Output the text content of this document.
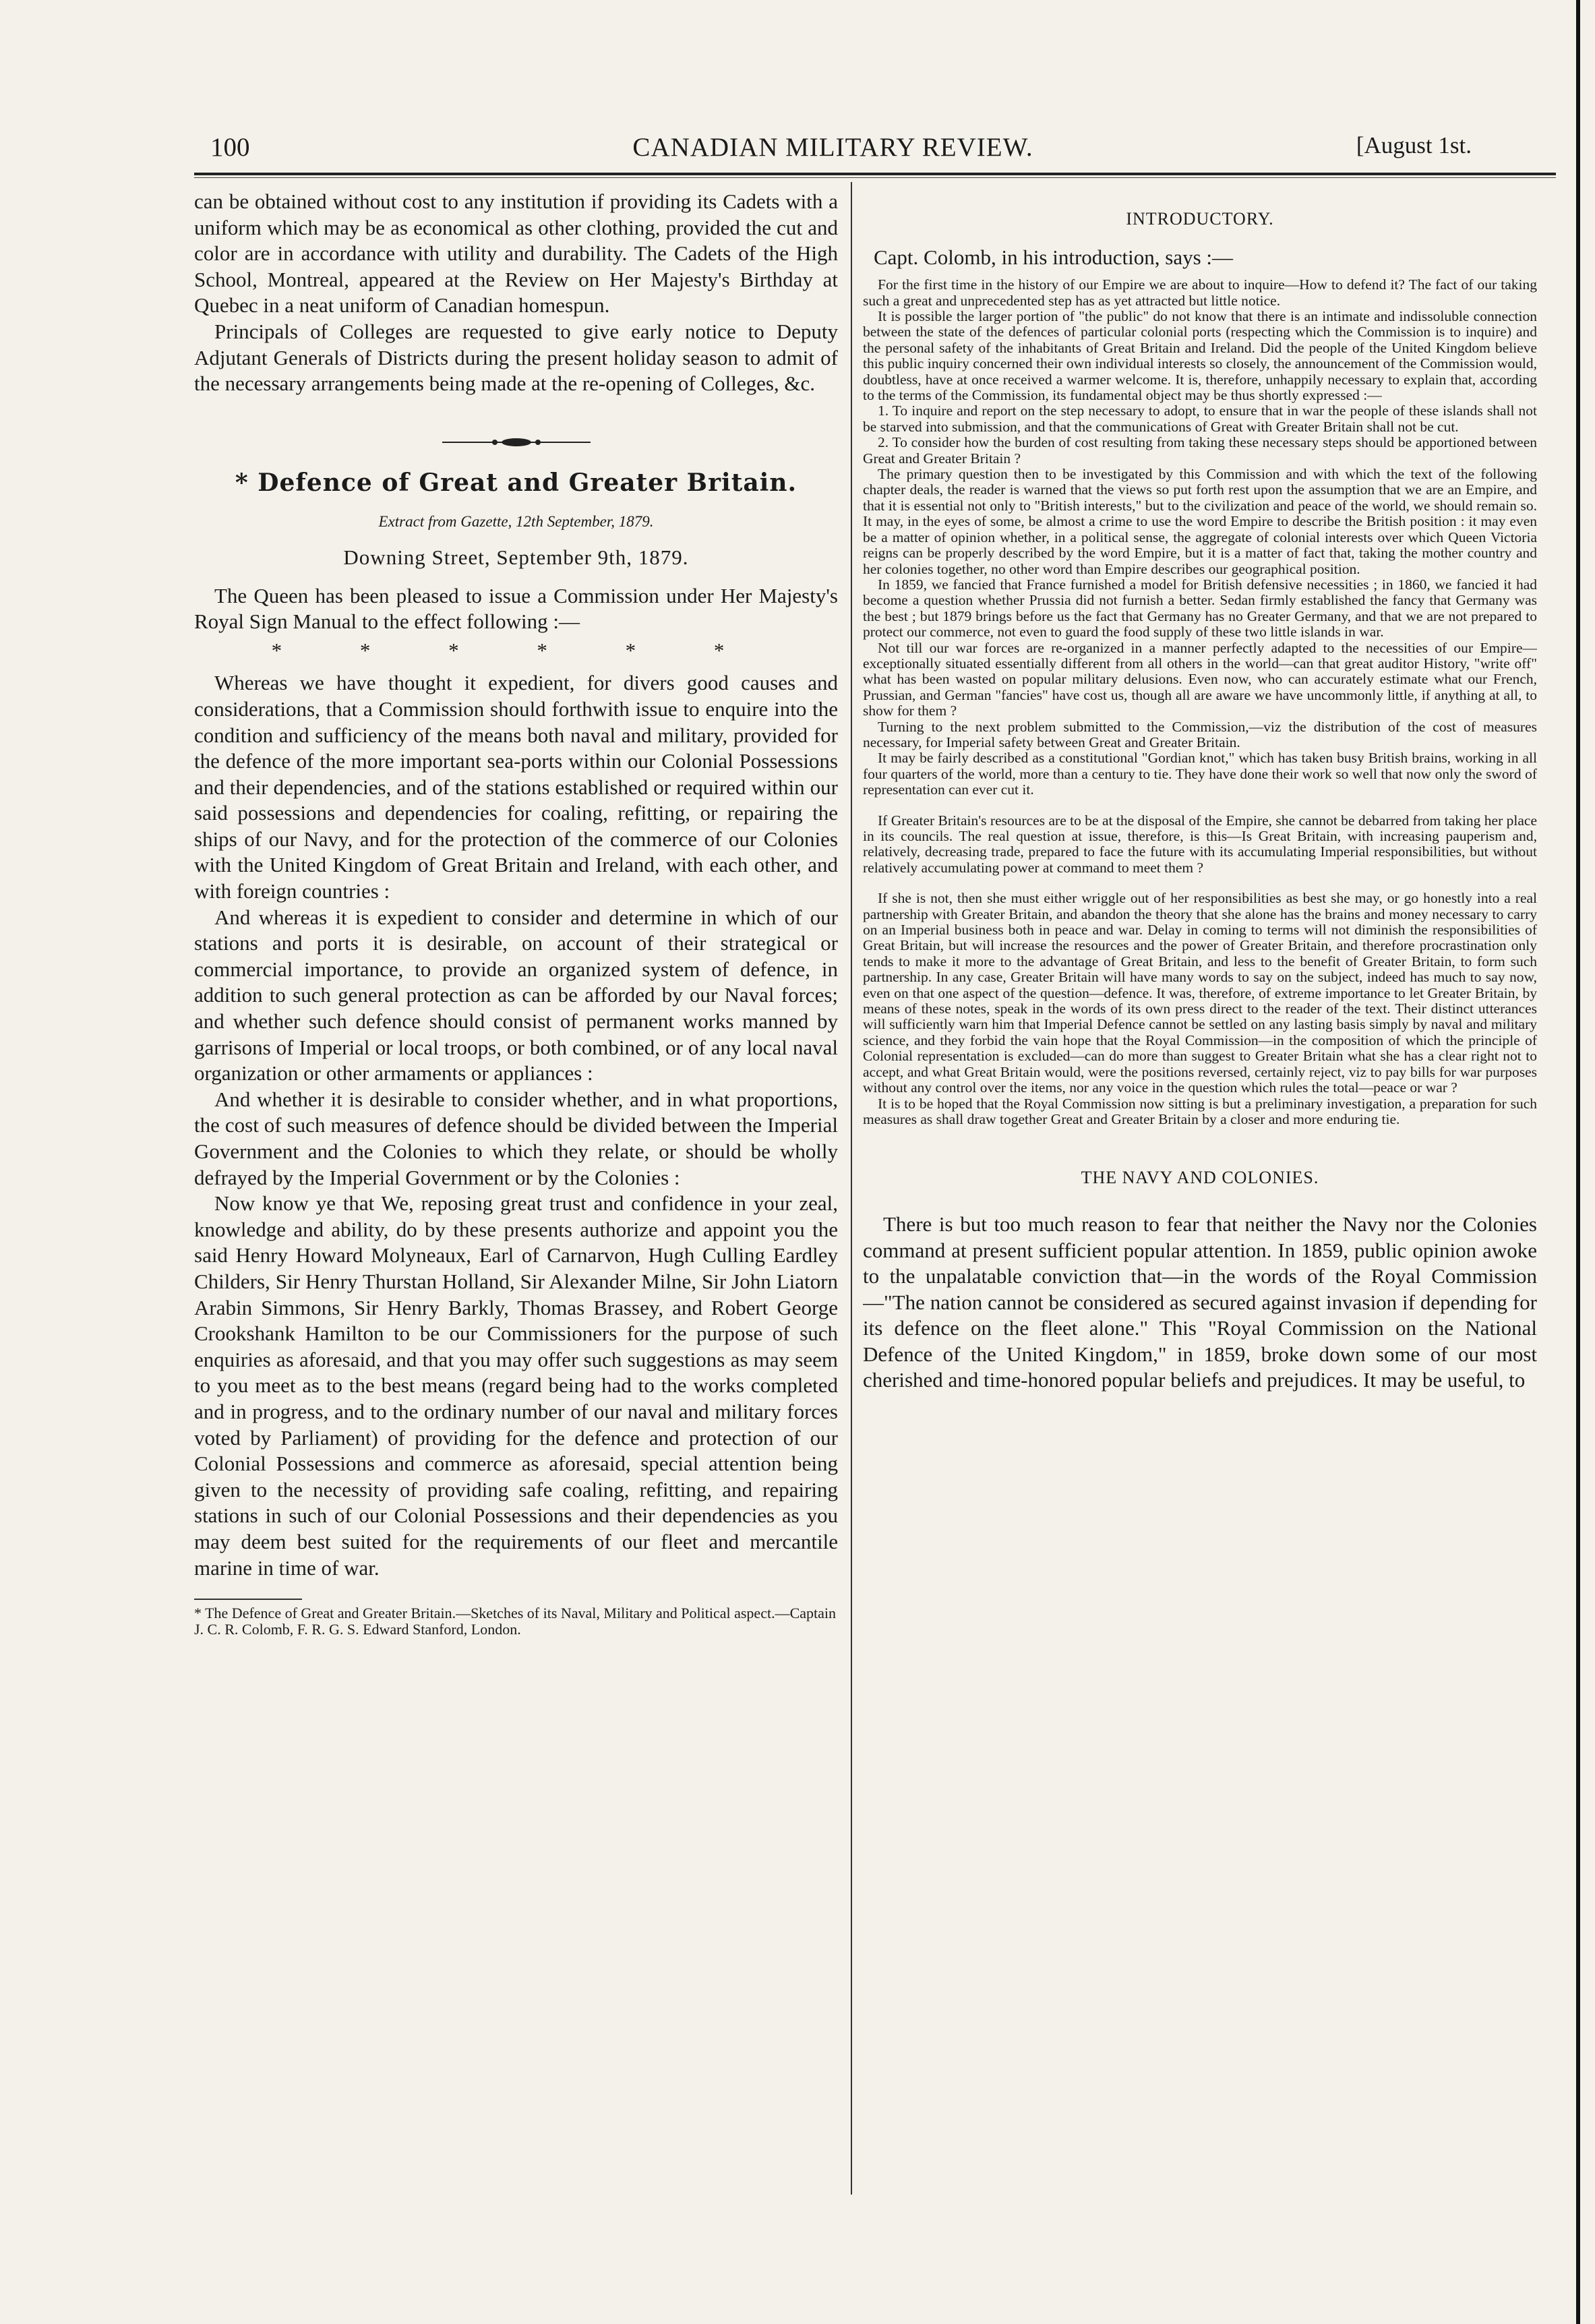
100	CANADIAN MILITARY REVIEW.	[August 1st.

can be obtained without cost to any institution if providing its Cadets with a uniform which may be as economical as other clothing, provided the cut and color are in accordance with utility and durability. The Cadets of the High School, Montreal, appeared at the Review on Her Majesty's Birthday at Quebec in a neat uniform of Canadian homespun.

Principals of Colleges are requested to give early notice to Deputy Adjutant Generals of Districts during the present holiday season to admit of the necessary arrangements being made at the re-opening of Colleges, &c.

* Defence of Great and Greater Britain.
Extract from Gazette, 12th September, 1879.
Downing Street, September 9th, 1879.

The Queen has been pleased to issue a Commission under Her Majesty's Royal Sign Manual to the effect following :—

* * * * * *

Whereas we have thought it expedient, for divers good causes and considerations, that a Commission should forthwith issue to enquire into the condition and sufficiency of the means both naval and military, provided for the defence of the more important sea-ports within our Colonial Possessions and their dependencies, and of the stations established or required within our said possessions and dependencies for coaling, refitting, or repairing the ships of our Navy, and for the protection of the commerce of our Colonies with the United Kingdom of Great Britain and Ireland, with each other, and with foreign countries :

And whereas it is expedient to consider and determine in which of our stations and ports it is desirable, on account of their strategical or commercial importance, to provide an organized system of defence, in addition to such general protection as can be afforded by our Naval forces; and whether such defence should consist of permanent works manned by garrisons of Imperial or local troops, or both combined, or of any local naval organization or other armaments or appliances :

And whether it is desirable to consider whether, and in what proportions, the cost of such measures of defence should be divided between the Imperial Government and the Colonies to which they relate, or should be wholly defrayed by the Imperial Government or by the Colonies :

Now know ye that We, reposing great trust and confidence in your zeal, knowledge and ability, do by these presents authorize and appoint you the said Henry Howard Molyneaux, Earl of Carnarvon, Hugh Culling Eardley Childers, Sir Henry Thurstan Holland, Sir Alexander Milne, Sir John Liatorn Arabin Simmons, Sir Henry Barkly, Thomas Brassey, and Robert George Crookshank Hamilton to be our Commissioners for the purpose of such enquiries as aforesaid, and that you may offer such suggestions as may seem to you meet as to the best means (regard being had to the works completed and in progress, and to the ordinary number of our naval and military forces voted by Parliament) of providing for the defence and protection of our Colonial Possessions and commerce as aforesaid, special attention being given to the necessity of providing safe coaling, refitting, and repairing stations in such of our Colonial Possessions and their dependencies as you may deem best suited for the requirements of our fleet and mercantile marine in time of war.

* The Defence of Great and Greater Britain.—Sketches of its Naval, Military and Political aspect.—Captain J. C. R. Colomb, F. R. G. S. Edward Stanford, London.
INTRODUCTORY.

Capt. Colomb, in his introduction, says :—

For the first time in the history of our Empire we are about to inquire—How to defend it? The fact of our taking such a great and unprecedented step has as yet attracted but little notice.

It is possible the larger portion of "the public" do not know that there is an intimate and indissoluble connection between the state of the defences of particular colonial ports (respecting which the Commission is to inquire) and the personal safety of the inhabitants of Great Britain and Ireland. Did the people of the United Kingdom believe this public inquiry concerned their own individual interests so closely, the announcement of the Commission would, doubtless, have at once received a warmer welcome. It is, therefore, unhappily necessary to explain that, according to the terms of the Commission, its fundamental object may be thus shortly expressed :—

1. To inquire and report on the step necessary to adopt, to ensure that in war the people of these islands shall not be starved into submission, and that the communications of Great with Greater Britain shall not be cut.

2. To consider how the burden of cost resulting from taking these necessary steps should be apportioned between Great and Greater Britain ?

The primary question then to be investigated by this Commission and with which the text of the following chapter deals, the reader is warned that the views so put forth rest upon the assumption that we are an Empire, and that it is essential not only to "British interests," but to the civilization and peace of the world, we should remain so. It may, in the eyes of some, be almost a crime to use the word Empire to describe the British position : it may even be a matter of opinion whether, in a political sense, the aggregate of colonial interests over which Queen Victoria reigns can be properly described by the word Empire, but it is a matter of fact that, taking the mother country and her colonies together, no other word than Empire describes our geographical position.

In 1859, we fancied that France furnished a model for British defensive necessities ; in 1860, we fancied it had become a question whether Prussia did not furnish a better. Sedan firmly established the fancy that Germany was the best ; but 1879 brings before us the fact that Germany has no Greater Germany, and that we are not prepared to protect our commerce, not even to guard the food supply of these two little islands in war.

Not till our war forces are re-organized in a manner perfectly adapted to the necessities of our Empire—exceptionally situated essentially different from all others in the world—can that great auditor History, "write off" what has been wasted on popular military delusions. Even now, who can accurately estimate what our French, Prussian, and German "fancies" have cost us, though all are aware we have uncommonly little, if anything at all, to show for them ?

Turning to the next problem submitted to the Commission,—viz the distribution of the cost of measures necessary, for Imperial safety between Great and Greater Britain.

It may be fairly described as a constitutional "Gordian knot," which has taken busy British brains, working in all four quarters of the world, more than a century to tie. They have done their work so well that now only the sword of representation can ever cut it.

If Greater Britain's resources are to be at the disposal of the Empire, she cannot be debarred from taking her place in its councils. The real question at issue, therefore, is this—Is Great Britain, with increasing pauperism and, relatively, decreasing trade, prepared to face the future with its accumulating Imperial responsibilities, but without relatively accumulating power at command to meet them ?

If she is not, then she must either wriggle out of her responsibilities as best she may, or go honestly into a real partnership with Greater Britain, and abandon the theory that she alone has the brains and money necessary to carry on an Imperial business both in peace and war. Delay in coming to terms will not diminish the responsibilities of Great Britain, but will increase the resources and the power of Greater Britain, and therefore procrastination only tends to make it more to the advantage of Great Britain, and less to the benefit of Greater Britain, to form such partnership. In any case, Greater Britain will have many words to say on the subject, indeed has much to say now, even on that one aspect of the question—defence. It was, therefore, of extreme importance to let Greater Britain, by means of these notes, speak in the words of its own press direct to the reader of the text. Their distinct utterances will sufficiently warn him that Imperial Defence cannot be settled on any lasting basis simply by naval and military science, and they forbid the vain hope that the Royal Commission—in the composition of which the principle of Colonial representation is excluded—can do more than suggest to Greater Britain what she has a clear right not to accept, and what Great Britain would, were the positions reversed, certainly reject, viz to pay bills for war purposes without any control over the items, nor any voice in the question which rules the total—peace or war ?

It is to be hoped that the Royal Commission now sitting is but a preliminary investigation, a preparation for such measures as shall draw together Great and Greater Britain by a closer and more enduring tie.

THE NAVY AND COLONIES.

There is but too much reason to fear that neither the Navy nor the Colonies command at present sufficient popular attention. In 1859, public opinion awoke to the unpalatable conviction that—in the words of the Royal Commission—"The nation cannot be considered as secured against invasion if depending for its defence on the fleet alone." This "Royal Commission on the National Defence of the United Kingdom," in 1859, broke down some of our most cherished and time-honored popular beliefs and prejudices. It may be useful, to
